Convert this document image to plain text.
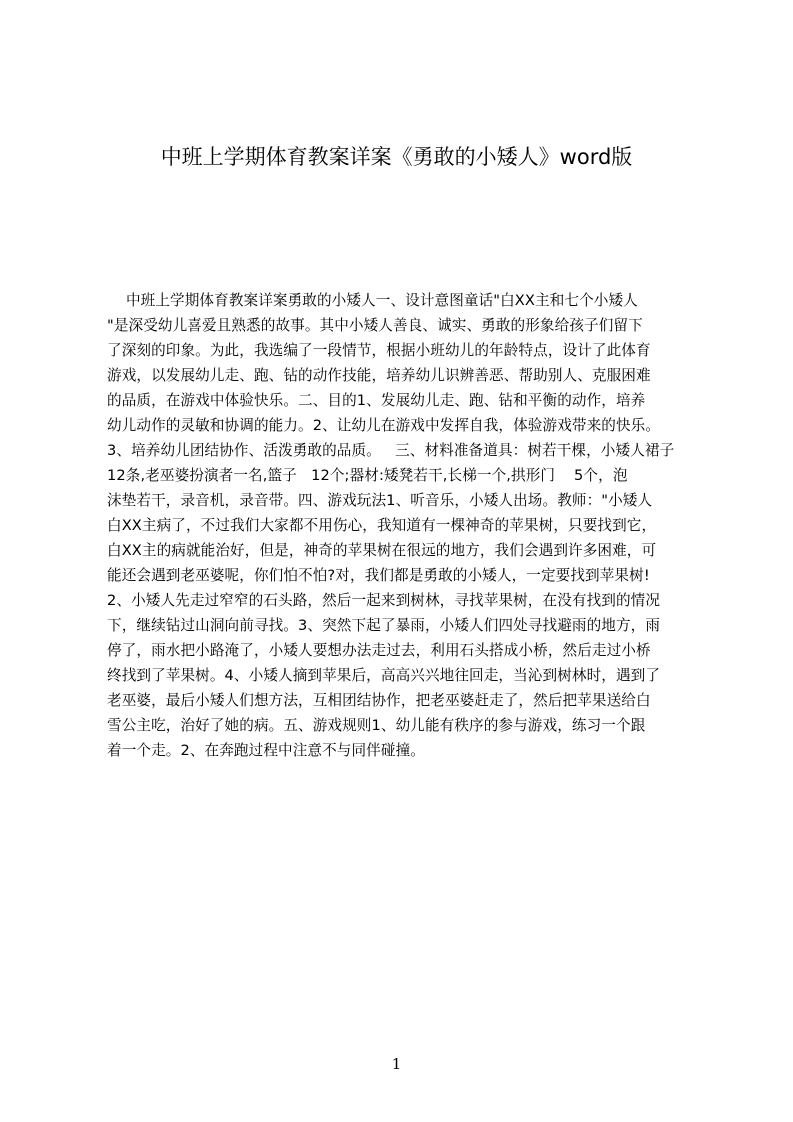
中班上学期体育教案详案《勇敢的小矮人》word版
中班上学期体育教案详案勇敢的小矮人一、设计意图童话"白XX主和七个小矮人
"是深受幼儿喜爱且熟悉的故事。其中小矮人善良、诚实、勇敢的形象给孩子们留下
了深刻的印象。为此，我选编了一段情节，根据小班幼儿的年龄特点，设计了此体育
游戏，以发展幼儿走、跑、钻的动作技能，培养幼儿识辨善恶、帮助别人、克服困难
的品质，在游戏中体验快乐。二、目的1、发展幼儿走、跑、钻和平衡的动作，培养
幼儿动作的灵敏和协调的能力。2、让幼儿在游戏中发挥自我，体验游戏带来的快乐。
3、培养幼儿团结协作、活泼勇敢的品质。   三、材料准备道具：树若干棵，小矮人裙子
12条,老巫婆扮演者一名,篮子   12个;器材:矮凳若干,长梯一个,拱形门    5个，泡
沫垫若干，录音机，录音带。四、游戏玩法1、听音乐，小矮人出场。教师："小矮人
白XX主病了，不过我们大家都不用伤心，我知道有一棵神奇的苹果树，只要找到它，
白XX主的病就能治好，但是，神奇的苹果树在很远的地方，我们会遇到许多困难，可
能还会遇到老巫婆呢，你们怕不怕?对，我们都是勇敢的小矮人，一定要找到苹果树!
2、小矮人先走过窄窄的石头路，然后一起来到树林，寻找苹果树，在没有找到的情况
下，继续钻过山洞向前寻找。3、突然下起了暴雨，小矮人们四处寻找避雨的地方，雨
停了，雨水把小路淹了，小矮人要想办法走过去，利用石头搭成小桥，然后走过小桥
终找到了苹果树。4、小矮人摘到苹果后，高高兴兴地往回走，当沁到树林时，遇到了
老巫婆，最后小矮人们想方法，互相团结协作，把老巫婆赶走了，然后把苹果送给白
雪公主吃，治好了她的病。五、游戏规则1、幼儿能有秩序的参与游戏，练习一个跟
着一个走。2、在奔跑过程中注意不与同伴碰撞。
1
